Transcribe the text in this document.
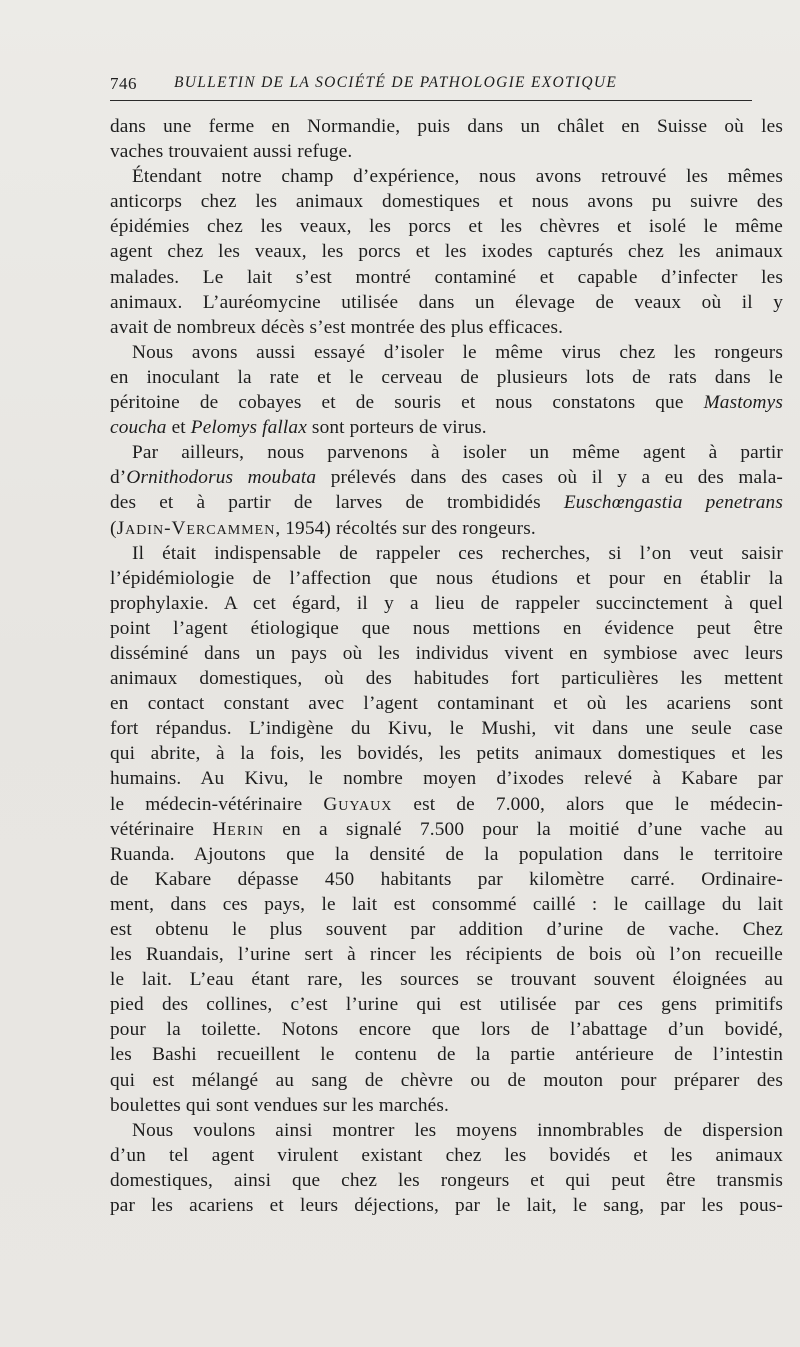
746 BULLETIN DE LA SOCIÉTÉ DE PATHOLOGIE EXOTIQUE
dans une ferme en Normandie, puis dans un châlet en Suisse où les
vaches trouvaient aussi refuge.
Étendant notre champ d’expérience, nous avons retrouvé les mêmes
anticorps chez les animaux domestiques et nous avons pu suivre des
épidémies chez les veaux, les porcs et les chèvres et isolé le même
agent chez les veaux, les porcs et les ixodes capturés chez les animaux
malades. Le lait s’est montré contaminé et capable d’infecter les
animaux. L’auréomycine utilisée dans un élevage de veaux où il y
avait de nombreux décès s’est montrée des plus efficaces.
Nous avons aussi essayé d’isoler le même virus chez les rongeurs
en inoculant la rate et le cerveau de plusieurs lots de rats dans le
péritoine de cobayes et de souris et nous constatons que Mastomys
coucha et Pelomys fallax sont porteurs de virus.
Par ailleurs, nous parvenons à isoler un même agent à partir
d’Ornithodorus moubata prélevés dans des cases où il y a eu des mala-
des et à partir de larves de trombididés Euschœngastia penetrans
(Jadin-Vercammen, 1954) récoltés sur des rongeurs.
Il était indispensable de rappeler ces recherches, si l’on veut saisir
l’épidémiologie de l’affection que nous étudions et pour en établir la
prophylaxie. A cet égard, il y a lieu de rappeler succinctement à quel
point l’agent étiologique que nous mettions en évidence peut être
disséminé dans un pays où les individus vivent en symbiose avec leurs
animaux domestiques, où des habitudes fort particulières les mettent
en contact constant avec l’agent contaminant et où les acariens sont
fort répandus. L’indigène du Kivu, le Mushi, vit dans une seule case
qui abrite, à la fois, les bovidés, les petits animaux domestiques et les
humains. Au Kivu, le nombre moyen d’ixodes relevé à Kabare par
le médecin-vétérinaire Guyaux est de 7.000, alors que le médecin-
vétérinaire Herin en a signalé 7.500 pour la moitié d’une vache au
Ruanda. Ajoutons que la densité de la population dans le territoire
de Kabare dépasse 450 habitants par kilomètre carré. Ordinaire-
ment, dans ces pays, le lait est consommé caillé : le caillage du lait
est obtenu le plus souvent par addition d’urine de vache. Chez
les Ruandais, l’urine sert à rincer les récipients de bois où l’on recueille
le lait. L’eau étant rare, les sources se trouvant souvent éloignées au
pied des collines, c’est l’urine qui est utilisée par ces gens primitifs
pour la toilette. Notons encore que lors de l’abattage d’un bovidé,
les Bashi recueillent le contenu de la partie antérieure de l’intestin
qui est mélangé au sang de chèvre ou de mouton pour préparer des
boulettes qui sont vendues sur les marchés.
Nous voulons ainsi montrer les moyens innombrables de dispersion
d’un tel agent virulent existant chez les bovidés et les animaux
domestiques, ainsi que chez les rongeurs et qui peut être transmis
par les acariens et leurs déjections, par le lait, le sang, par les pous-
